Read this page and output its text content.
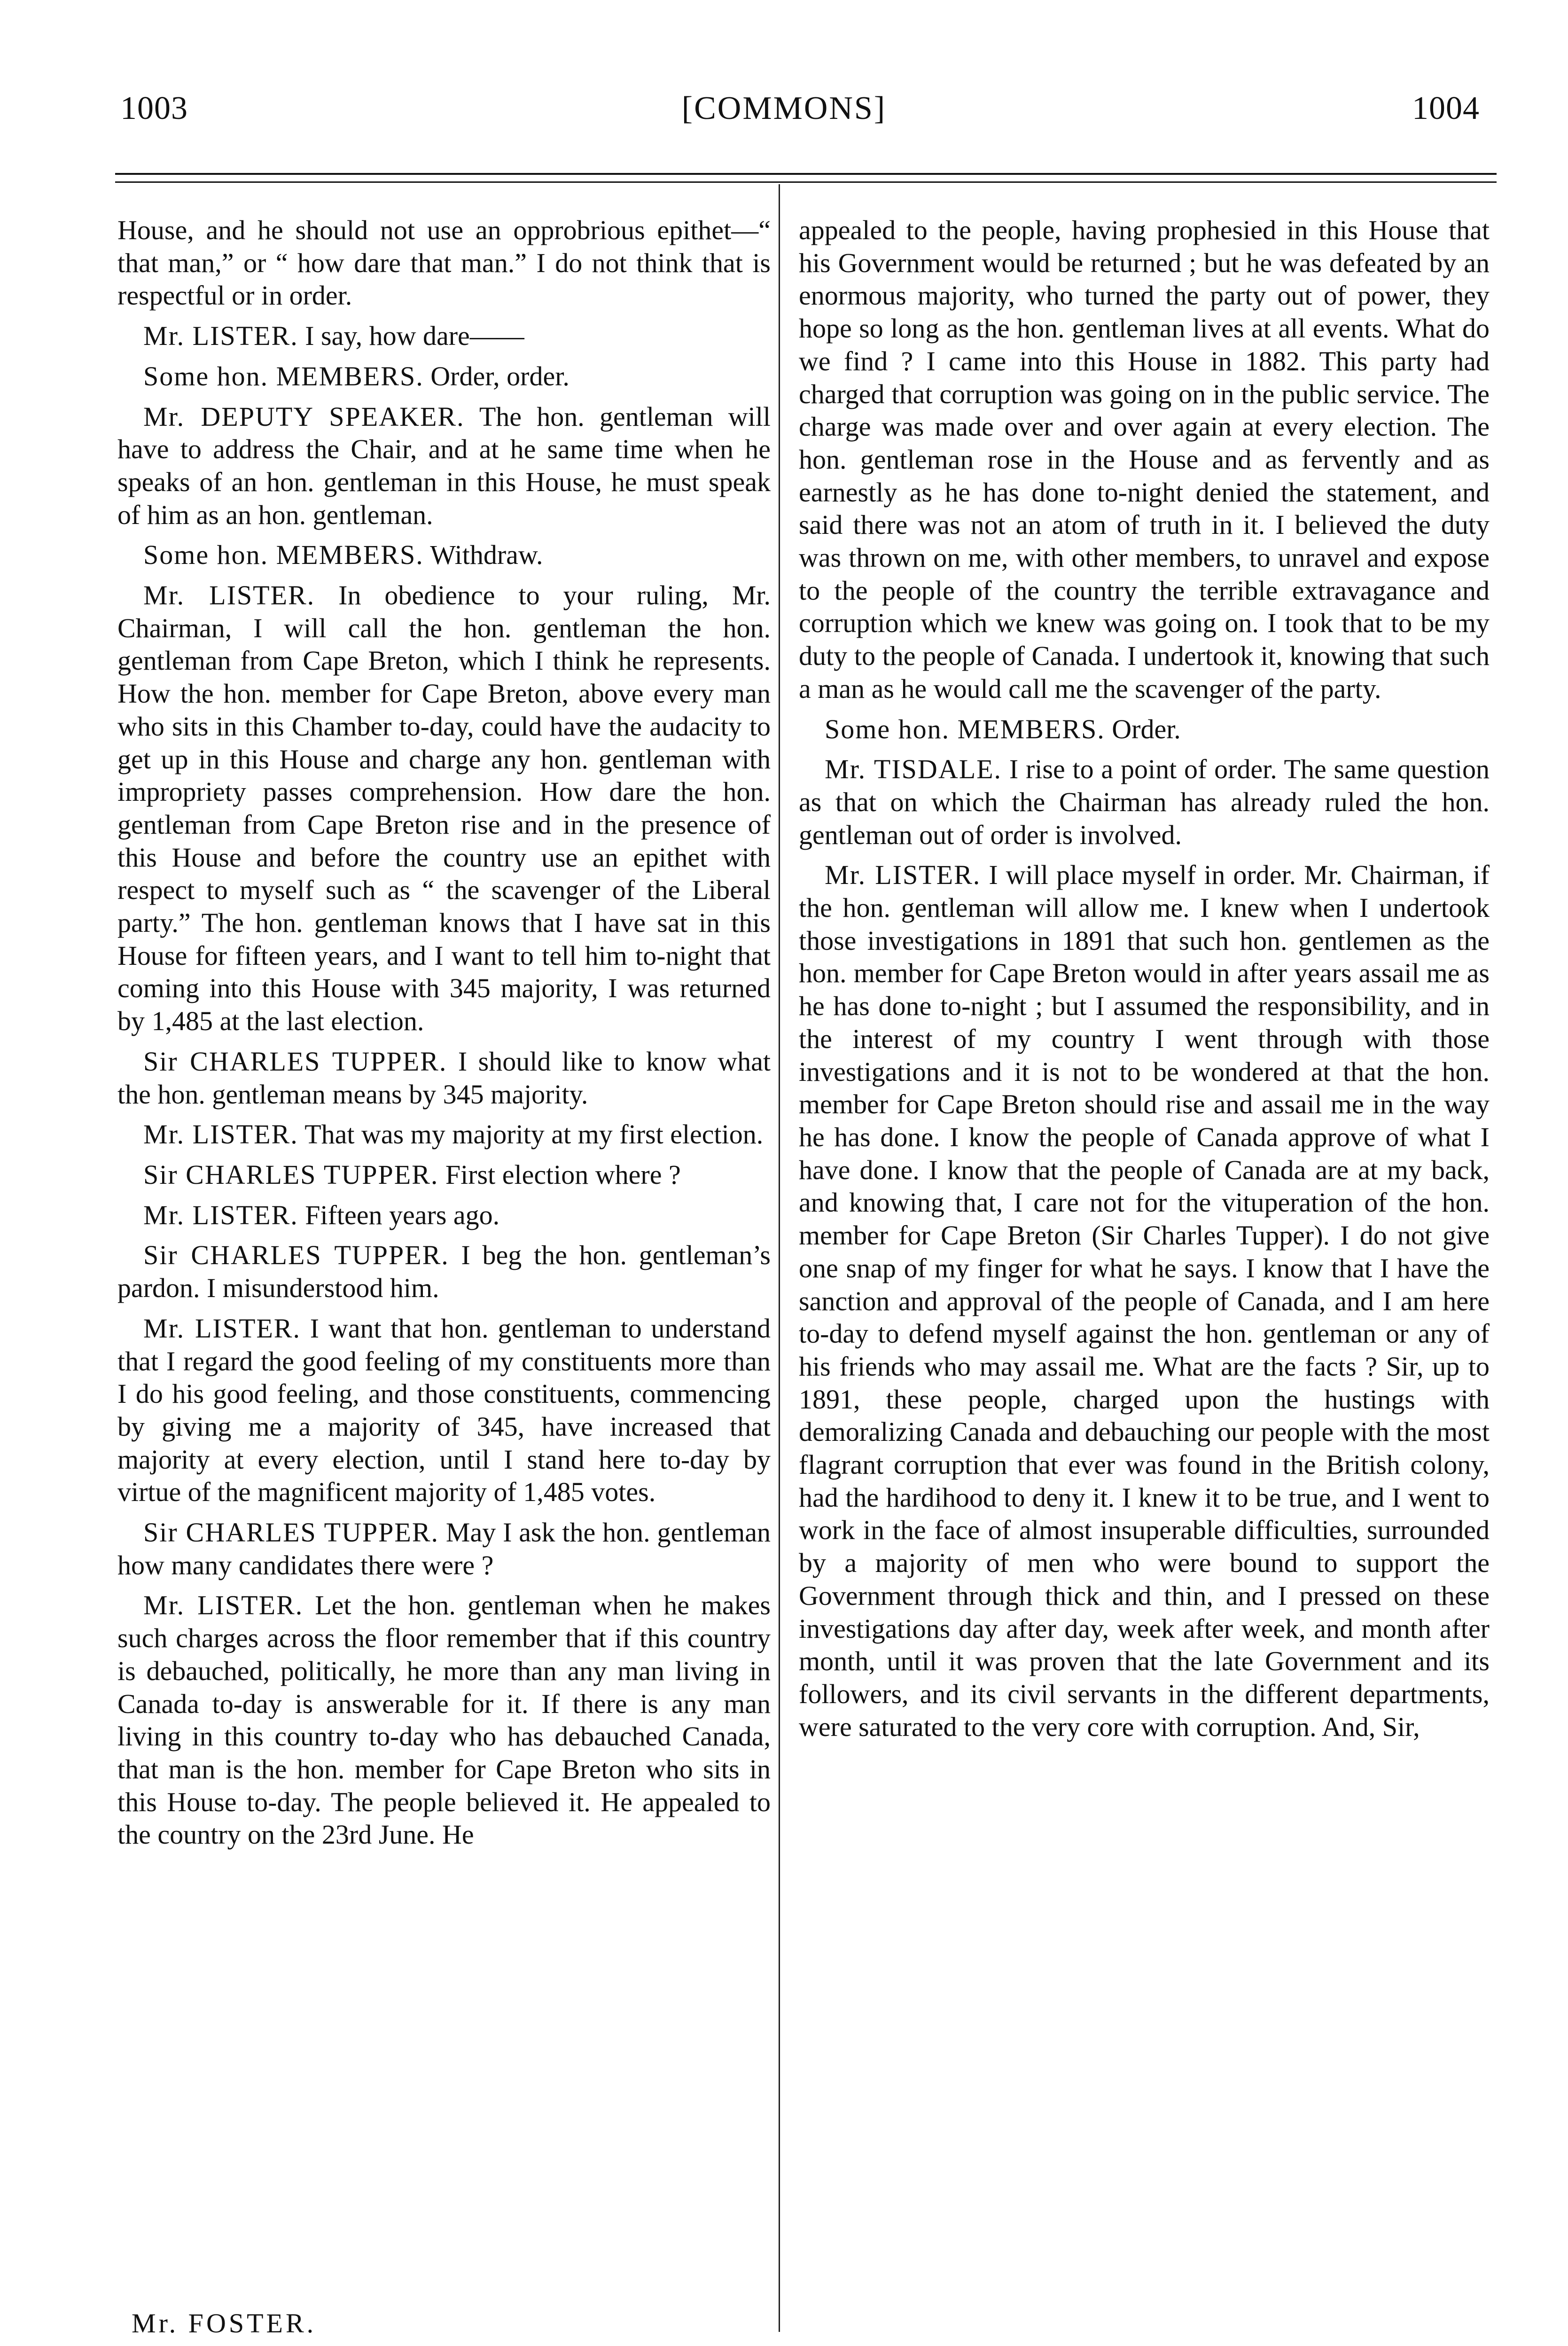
[COMMONS]
1003	1004

House, and he should not use an opprobrious epithet—“ that man,” or “ how dare that man.” I do not think that is respectful or in order.

Mr. LISTER. I say, how dare——

Some hon. MEMBERS. Order, order.

Mr. DEPUTY SPEAKER. The hon. gentleman will have to address the Chair, and at he same time when he speaks of an hon. gentleman in this House, he must speak of him as an hon. gentleman.

Some hon. MEMBERS. Withdraw.

Mr. LISTER. In obedience to your ruling, Mr. Chairman, I will call the hon. gentleman the hon. gentleman from Cape Breton, which I think he represents. How the hon. member for Cape Breton, above every man who sits in this Chamber to-day, could have the audacity to get up in this House and charge any hon. gentleman with impropriety passes comprehension. How dare the hon. gentleman from Cape Breton rise and in the presence of this House and before the country use an epithet with respect to myself such as “ the scavenger of the Liberal party.” The hon. gentleman knows that I have sat in this House for fifteen years, and I want to tell him to-night that coming into this House with 345 majority, I was returned by 1,485 at the last election.

Sir CHARLES TUPPER. I should like to know what the hon. gentleman means by 345 majority.

Mr. LISTER. That was my majority at my first election.

Sir CHARLES TUPPER. First election where ?

Mr. LISTER. Fifteen years ago.

Sir CHARLES TUPPER. I beg the hon. gentleman’s pardon. I misunderstood him.

Mr. LISTER. I want that hon. gentleman to understand that I regard the good feeling of my constituents more than I do his good feeling, and those constituents, commencing by giving me a majority of 345, have increased that majority at every election, until I stand here to-day by virtue of the magnificent majority of 1,485 votes.

Sir CHARLES TUPPER. May I ask the hon. gentleman how many candidates there were ?

Mr. LISTER. Let the hon. gentleman when he makes such charges across the floor remember that if this country is debauched, politically, he more than any man living in Canada to-day is answerable for it. If there is any man living in this country to-day who has debauched Canada, that man is the hon. member for Cape Breton who sits in this House to-day. The people believed it. He appealed to the country on the 23rd June. He

appealed to the people, having prophesied in this House that his Government would be returned ; but he was defeated by an enormous majority, who turned the party out of power, they hope so long as the hon. gentleman lives at all events. What do we find ? I came into this House in 1882. This party had charged that corruption was going on in the public service. The charge was made over and over again at every election. The hon. gentleman rose in the House and as fervently and as earnestly as he has done to-night denied the statement, and said there was not an atom of truth in it. I believed the duty was thrown on me, with other members, to unravel and expose to the people of the country the terrible extravagance and corruption which we knew was going on. I took that to be my duty to the people of Canada. I undertook it, knowing that such a man as he would call me the scavenger of the party.

Some hon. MEMBERS. Order.

Mr. TISDALE. I rise to a point of order. The same question as that on which the Chairman has already ruled the hon. gentleman out of order is involved.

Mr. LISTER. I will place myself in order. Mr. Chairman, if the hon. gentleman will allow me. I knew when I undertook those investigations in 1891 that such hon. gentlemen as the hon. member for Cape Breton would in after years assail me as he has done to-night ; but I assumed the responsibility, and in the interest of my country I went through with those investigations and it is not to be wondered at that the hon. member for Cape Breton should rise and assail me in the way he has done. I know the people of Canada approve of what I have done. I know that the people of Canada are at my back, and knowing that, I care not for the vituperation of the hon. member for Cape Breton (Sir Charles Tupper). I do not give one snap of my finger for what he says. I know that I have the sanction and approval of the people of Canada, and I am here to-day to defend myself against the hon. gentleman or any of his friends who may assail me. What are the facts ? Sir, up to 1891, these people, charged upon the hustings with demoralizing Canada and debauching our people with the most flagrant corruption that ever was found in the British colony, had the hardihood to deny it. I knew it to be true, and I went to work in the face of almost insuperable difficulties, surrounded by a majority of men who were bound to support the Government through thick and thin, and I pressed on these investigations day after day, week after week, and month after month, until it was proven that the late Government and its followers, and its civil servants in the different departments, were saturated to the very core with corruption. And, Sir,

Mr. FOSTER.
